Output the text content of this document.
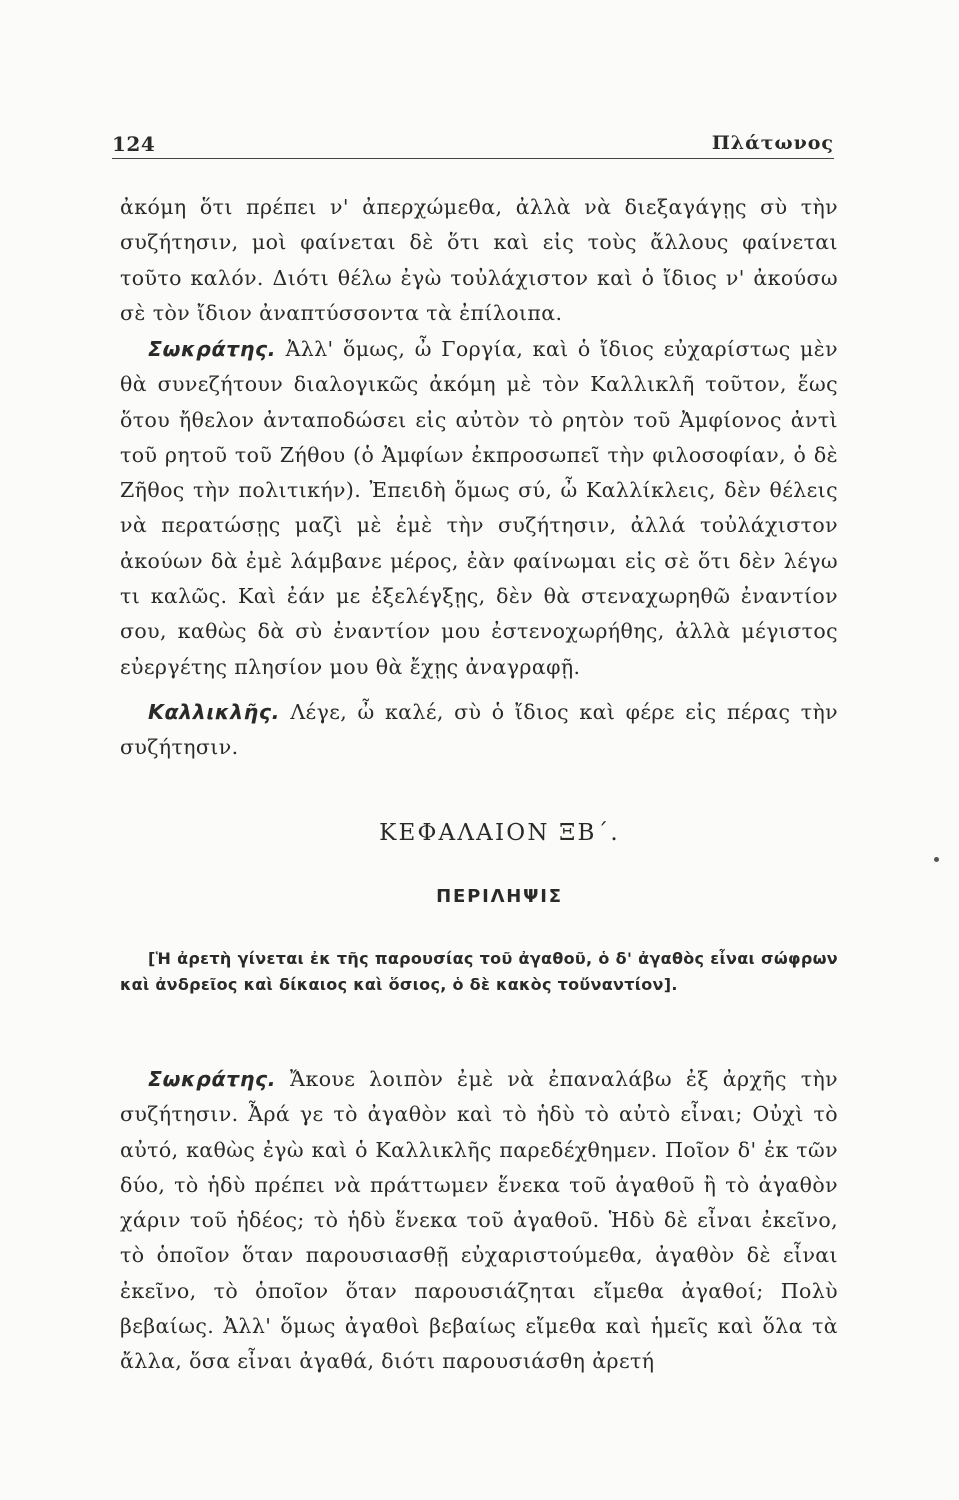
124	Πλάτωνος

ἀκόμη ὅτι πρέπει ν' ἀπερχώμεθα, ἀλλὰ νὰ διεξαγάγῃς σὺ τὴν συζήτησιν, μοὶ φαίνεται δὲ ὅτι καὶ εἰς τοὺς ἄλλους φαίνεται τοῦτο καλόν. Διότι θέλω ἐγὼ τοὐλάχιστον καὶ ὁ ἴδιος ν' ἀκούσω σὲ τὸν ἴδιον ἀναπτύσσοντα τὰ ἐπίλοιπα.

Σωκράτης. Ἀλλ' ὅμως, ὦ Γοργία, καὶ ὁ ἴδιος εὐχαρίστως μὲν θὰ συνεζήτουν διαλογικῶς ἀκόμη μὲ τὸν Καλλικλῆ τοῦτον, ἕως ὅτου ἤθελον ἀνταποδώσει εἰς αὐτὸν τὸ ρητὸν τοῦ Ἀμφίονος ἀντὶ τοῦ ρητοῦ τοῦ Ζήθου (ὁ Ἀμφίων ἐκπροσωπεῖ τὴν φιλοσοφίαν, ὁ δὲ Ζῆθος τὴν πολιτικήν). Ἐπειδὴ ὅμως σύ, ὦ Καλλίκλεις, δὲν θέλεις νὰ περατώσῃς μαζὶ μὲ ἐμὲ τὴν συζήτησιν, ἀλλά τοὐλάχιστον ἀκούων δὰ ἐμὲ λάμβανε μέρος, ἐὰν φαίνωμαι εἰς σὲ ὅτι δὲν λέγω τι καλῶς. Καὶ ἐάν με ἐξελέγξῃς, δὲν θὰ στεναχωρηθῶ ἐναντίον σου, καθὼς δὰ σὺ ἐναντίον μου ἐστενοχωρήθης, ἀλλὰ μέγιστος εὐεργέτης πλησίον μου θὰ ἔχῃς ἀναγραφῇ.

Καλλικλῆς. Λέγε, ὦ καλέ, σὺ ὁ ἴδιος καὶ φέρε εἰς πέρας τὴν συζήτησιν.

ΚΕΦΑΛΑΙΟΝ ΞΒ΄.
ΠΕΡΙΛΗΨΙΣ

[Ἡ ἀρετὴ γίνεται ἐκ τῆς παρουσίας τοῦ ἀγαθοῦ, ὁ δ' ἀγαθὸς εἶναι σώφρων καὶ ἀνδρεῖος καὶ δίκαιος καὶ ὅσιος, ὁ δὲ κακὸς τοὔναντίον].

Σωκράτης. Ἄκουε λοιπὸν ἐμὲ νὰ ἐπαναλάβω ἐξ ἀρχῆς τὴν συζήτησιν. Ἆρά γε τὸ ἀγαθὸν καὶ τὸ ἡδὺ τὸ αὐτὸ εἶναι; Οὐχὶ τὸ αὐτό, καθὼς ἐγὼ καὶ ὁ Καλλικλῆς παρεδέχθημεν. Ποῖον δ' ἐκ τῶν δύο, τὸ ἡδὺ πρέπει νὰ πράττωμεν ἕνεκα τοῦ ἀγαθοῦ ἢ τὸ ἀγαθὸν χάριν τοῦ ἡδέος; τὸ ἡδὺ ἕνεκα τοῦ ἀγαθοῦ. Ἡδὺ δὲ εἶναι ἐκεῖνο, τὸ ὁποῖον ὅταν παρουσιασθῇ εὐχαριστούμεθα, ἀγαθὸν δὲ εἶναι ἐκεῖνο, τὸ ὁποῖον ὅταν παρουσιάζηται εἴμεθα ἀγαθοί; Πολὺ βεβαίως. Ἀλλ' ὅμως ἀγαθοὶ βεβαίως εἴμεθα καὶ ἡμεῖς καὶ ὅλα τὰ ἄλλα, ὅσα εἶναι ἀγαθά, διότι παρουσιάσθη ἀρετή
